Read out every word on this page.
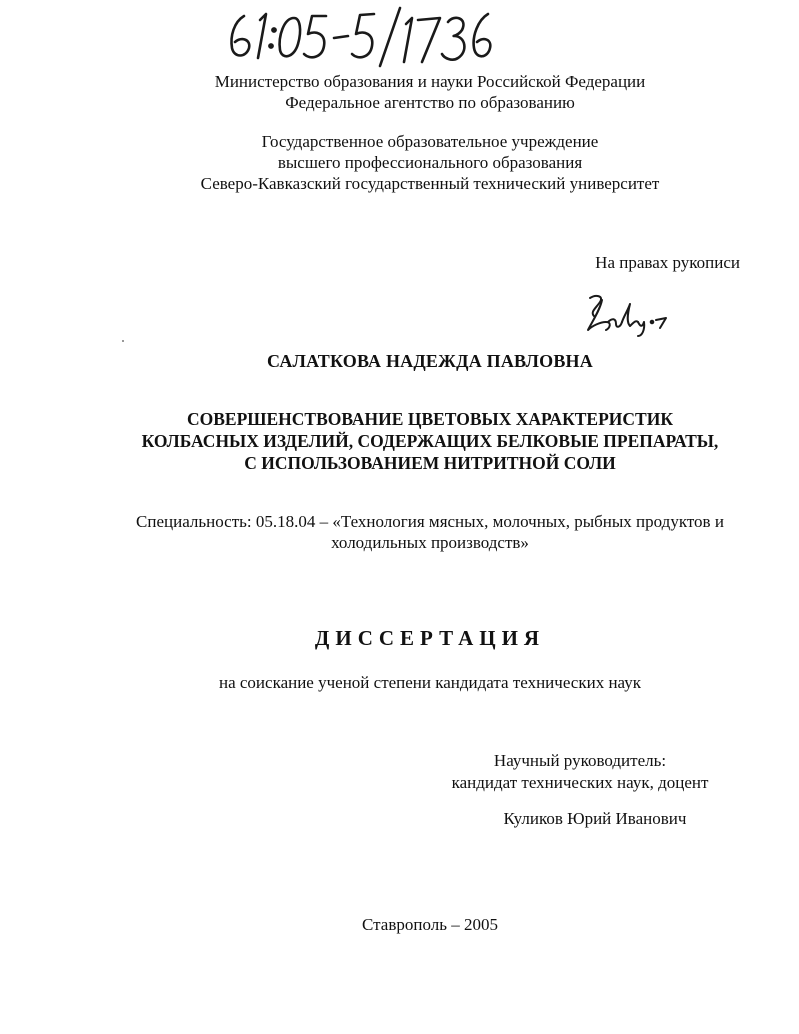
Министерство образования и науки Российской Федерации
Федеральное агентство по образованию
Государственное образовательное учреждение
высшего профессионального образования
Северо-Кавказский государственный технический университет
На правах рукописи
САЛАТКОВА НАДЕЖДА ПАВЛОВНА
СОВЕРШЕНСТВОВАНИЕ ЦВЕТОВЫХ ХАРАКТЕРИСТИК
КОЛБАСНЫХ ИЗДЕЛИЙ, СОДЕРЖАЩИХ БЕЛКОВЫЕ ПРЕПАРАТЫ,
С ИСПОЛЬЗОВАНИЕМ НИТРИТНОЙ СОЛИ
Специальность: 05.18.04 – «Технология мясных, молочных, рыбных продуктов и
холодильных производств»
ДИССЕРТАЦИЯ
на соискание ученой степени кандидата технических наук
Научный руководитель:
кандидат технических наук, доцент
Куликов Юрий Иванович
Ставрополь – 2005
